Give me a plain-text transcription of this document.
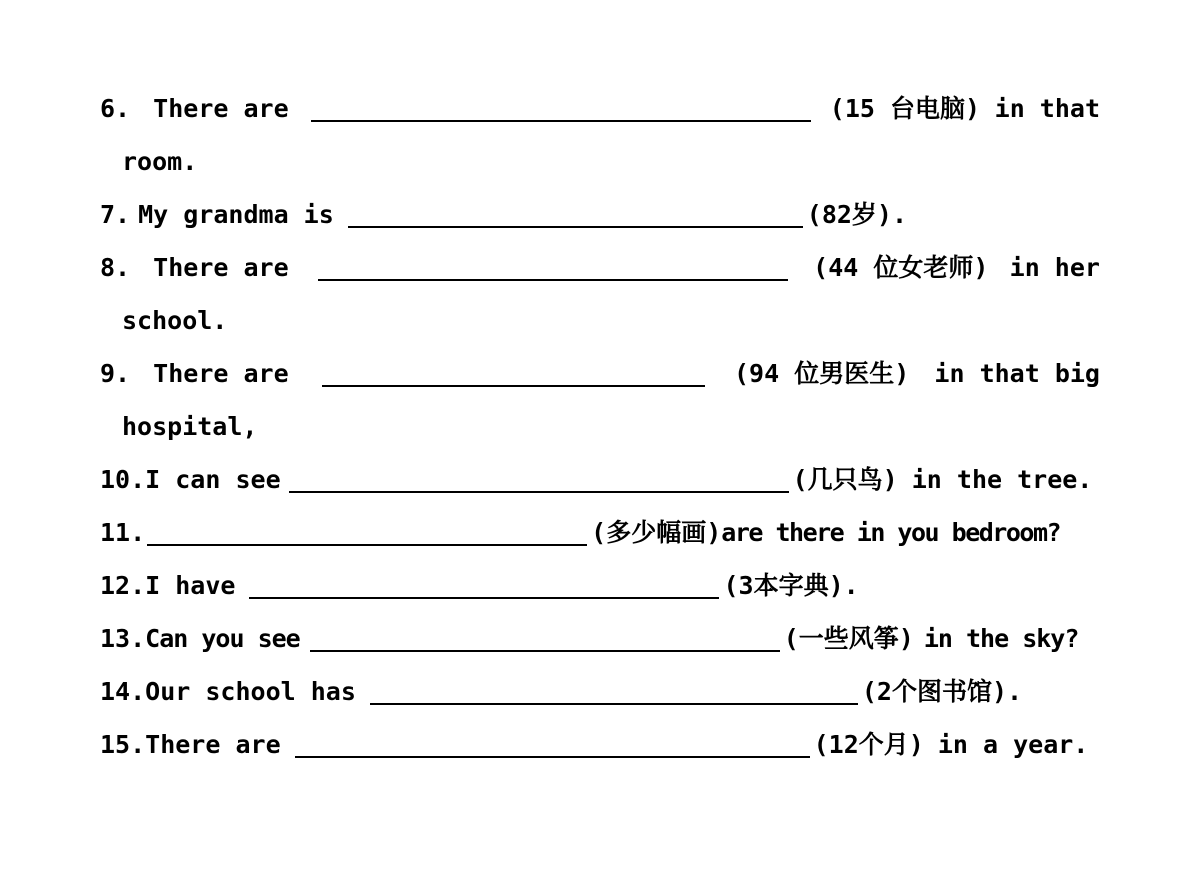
6. There are	(15 台电脑) in that
room.
7. My grandma is	(82岁).
8. There are	(44 位女老师) in her
school.
9. There are	(94 位男医生) in that big
hospital,
10. I can see	(几只鸟) in the tree.
11.	(多少幅画) are there in you bedroom?
12. I have	(3本字典).
13. Can you see	(一些风筝) in the sky?
14. Our school has	(2个图书馆).
15. There are	(12个月) in a year.
